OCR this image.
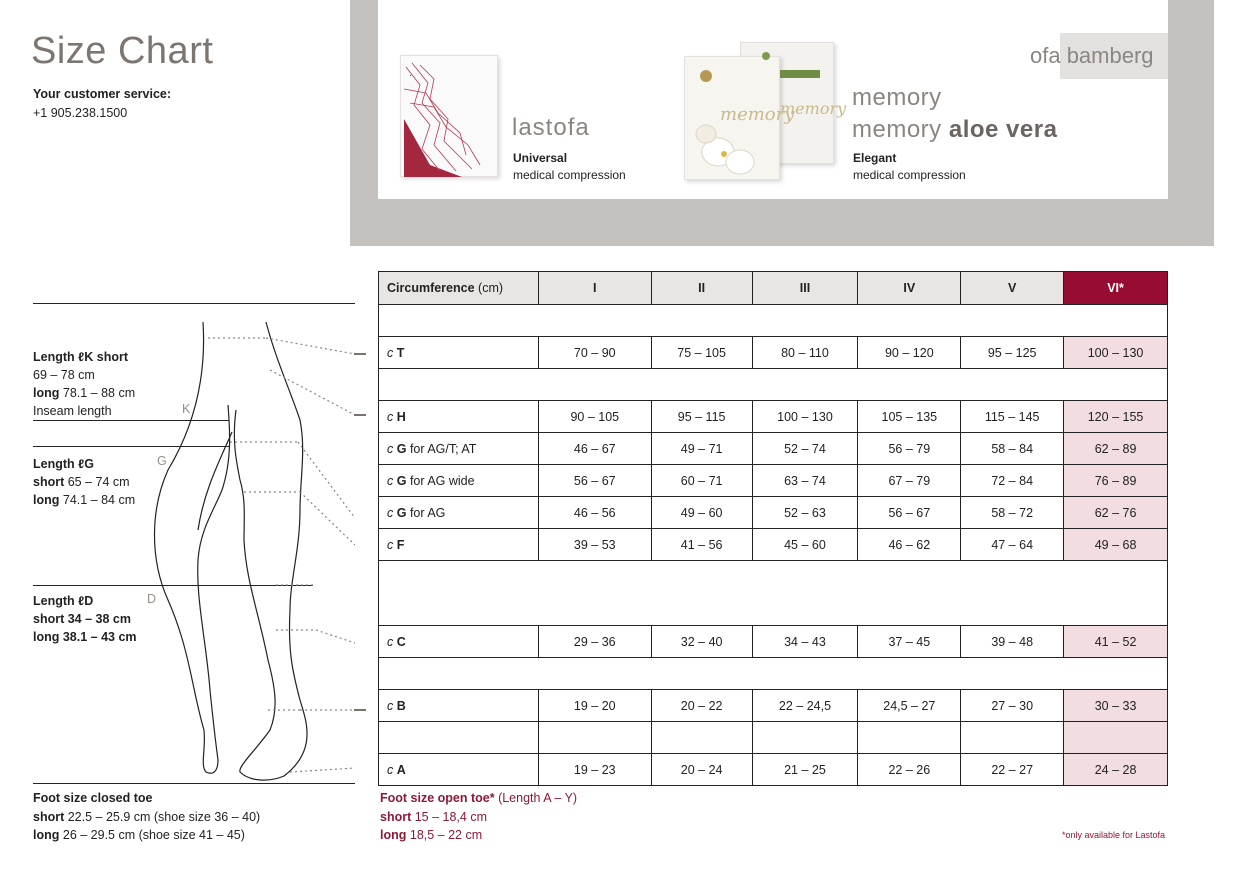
Size Chart
Your customer service:
+1 905.238.1500
lastofa
Universal
medical compression
memory
memory memory
memory aloe vera
Elegant
medical compression
ofa bamberg
Length ℓK short
69 – 78 cm
long 78.1 – 88 cm
Inseam length	K
Length ℓG
short 65 – 74 cm
long 74.1 – 84 cm
G
Length ℓD
short 34 – 38 cm
long 38.1 – 43 cm
D
Circumference (cm)	I	II	III	IV	V	VI*

c T	70 – 90	75 – 105	80 – 110	90 – 120	95 – 125	100 – 130

c H	90 – 105	95 – 115	100 – 130	105 – 135	115 – 145	120 – 155
c G for AG/T; AT	46 – 67	49 – 71	52 – 74	56 – 79	58 – 84	62 – 89
c G for AG wide	56 – 67	60 – 71	63 – 74	67 – 79	72 – 84	76 – 89
c G for AG	46 – 56	49 – 60	52 – 63	56 – 67	58 – 72	62 – 76
c F	39 – 53	41 – 56	45 – 60	46 – 62	47 – 64	49 – 68

c C	29 – 36	32 – 40	34 – 43	37 – 45	39 – 48	41 – 52

c B	19 – 20	20 – 22	22 – 24,5	24,5 – 27	27 – 30	30 – 33

c A	19 – 23	20 – 24	21 – 25	22 – 26	22 – 27	24 – 28
Foot size closed toe
short 22.5 – 25.9 cm (shoe size 36 – 40)
long 26 – 29.5 cm (shoe size 41 – 45)
Foot size open toe* (Length A – Y)
short 15 – 18,4 cm
long 18,5 – 22 cm	*only available for Lastofa
